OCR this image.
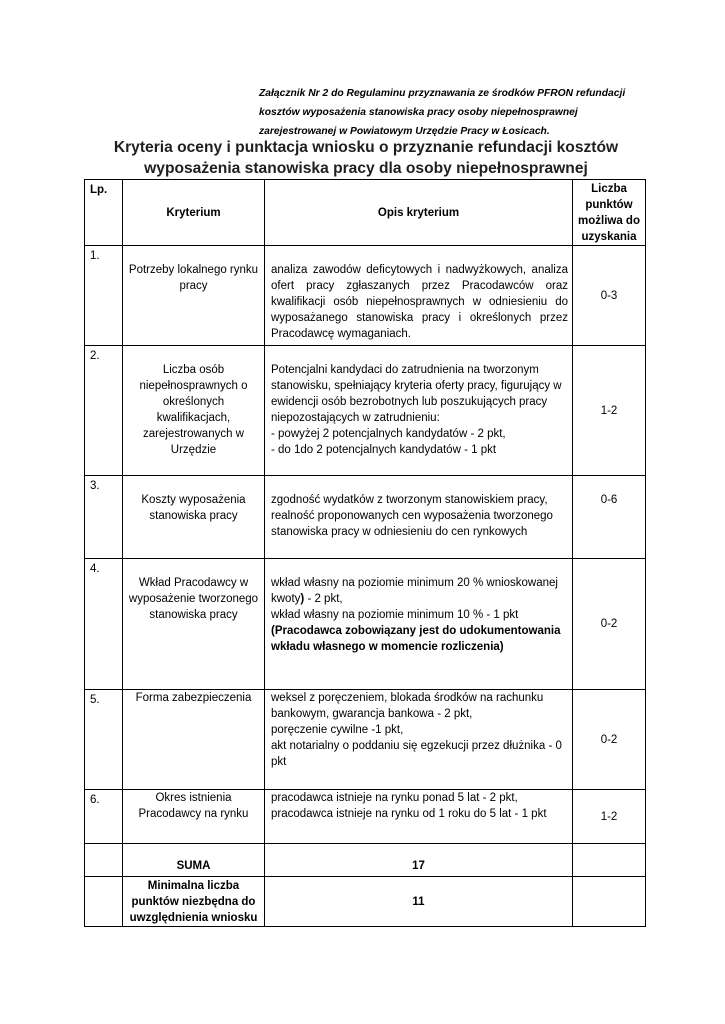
Załącznik Nr 2 do Regulaminu przyznawania ze środków PFRON refundacji
kosztów wyposażenia stanowiska pracy osoby niepełnosprawnej
zarejestrowanej w Powiatowym Urzędzie Pracy w Łosicach.
Kryteria oceny i punktacja wniosku o przyznanie refundacji kosztów
wyposażenia stanowiska pracy dla osoby niepełnosprawnej
Lp.	Kryterium	Opis kryterium	Liczba punktów możliwa do uzyskania
1.	Potrzeby lokalnego rynku pracy	analiza zawodów deficytowych i nadwyżkowych, analiza ofert pracy zgłaszanych przez Pracodawców oraz kwalifikacji osób niepełnosprawnych w odniesieniu do wyposażanego stanowiska pracy i określonych przez Pracodawcę wymaganiach.	0-3
2.	Liczba osób niepełnosprawnych o określonych kwalifikacjach, zarejestrowanych w Urzędzie	Potencjalni kandydaci do zatrudnienia na tworzonym stanowisku, spełniający kryteria oferty pracy, figurujący w ewidencji osób bezrobotnych lub poszukujących pracy niepozostających w zatrudnieniu:
- powyżej 2 potencjalnych kandydatów - 2 pkt,
- do 1do 2 potencjalnych kandydatów - 1 pkt	1-2
3.	Koszty wyposażenia stanowiska pracy	zgodność wydatków z tworzonym stanowiskiem pracy, realność proponowanych cen wyposażenia tworzonego stanowiska pracy w odniesieniu do cen rynkowych	0-6
4.	Wkład Pracodawcy w wyposażenie tworzonego stanowiska pracy	wkład własny na poziomie minimum 20 % wnioskowanej kwoty) - 2 pkt,
wkład własny na poziomie minimum 10 % - 1 pkt
(Pracodawca zobowiązany jest do udokumentowania wkładu własnego w momencie rozliczenia)	0-2
5.	Forma zabezpieczenia	weksel z poręczeniem, blokada środków na rachunku bankowym, gwarancja bankowa - 2 pkt,
poręczenie cywilne -1 pkt,
akt notarialny o poddaniu się egzekucji przez dłużnika - 0 pkt	0-2
6.	Okres istnienia Pracodawcy na rynku	pracodawca istnieje na rynku ponad 5 lat - 2 pkt,
pracodawca istnieje na rynku od 1 roku do 5 lat - 1 pkt	1-2
	SUMA	17	
	Minimalna liczba punktów niezbędna do uwzględnienia wniosku	11	
